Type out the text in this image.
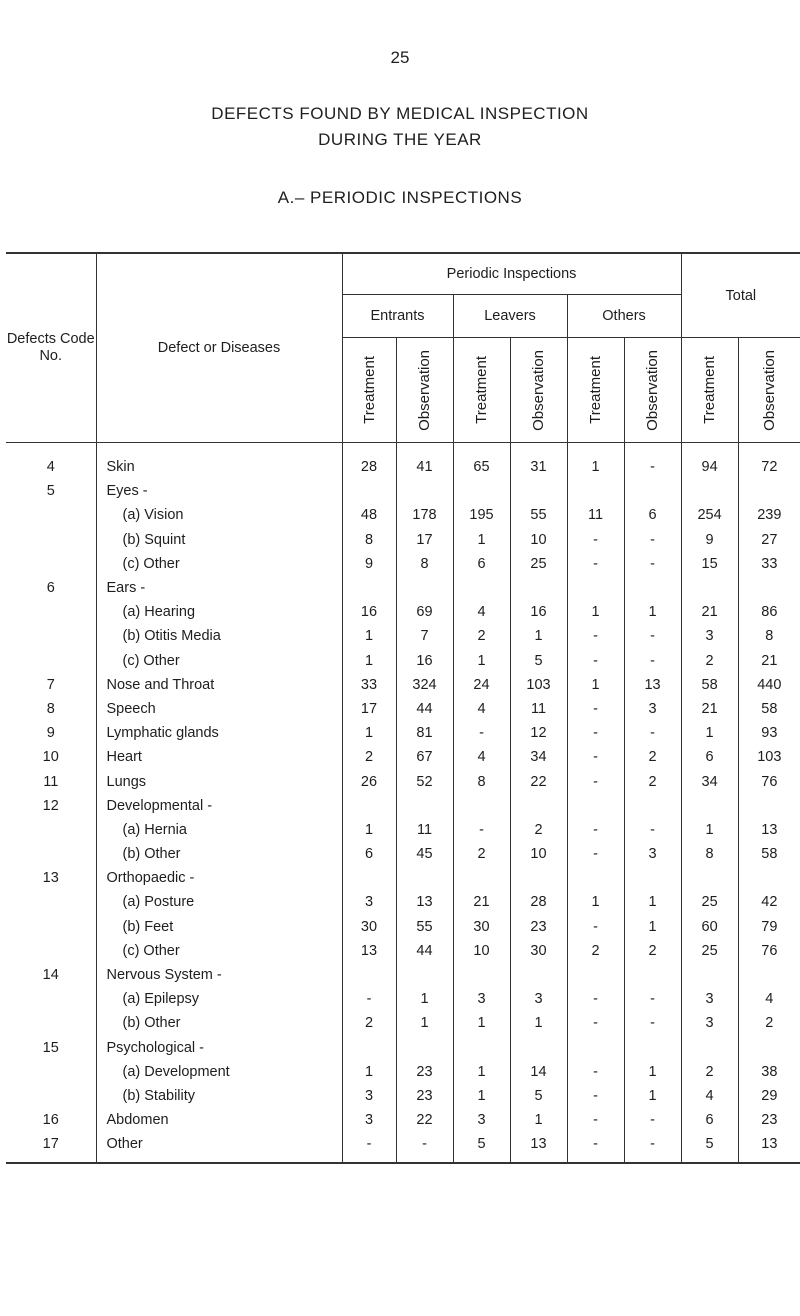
25
DEFECTS FOUND BY MEDICAL INSPECTION
DURING THE YEAR
A.– PERIODIC INSPECTIONS
Defects Code No.	Defect or Diseases	Periodic Inspections						Total	
		Entrants		Leavers		Others			

		Treatment	Observation	Treatment	Observation	Treatment	Observation	Treatment	Observation

4	Skin	28	41	65	31	1	-	94	72
5	Eyes -								
	(a) Vision	48	178	195	55	11	6	254	239
	(b) Squint	8	17	1	10	-	-	9	27
	(c) Other	9	8	6	25	-	-	15	33
6	Ears -								
	(a) Hearing	16	69	4	16	1	1	21	86
	(b) Otitis Media	1	7	2	1	-	-	3	8
	(c) Other	1	16	1	5	-	-	2	21
7	Nose and Throat	33	324	24	103	1	13	58	440
8	Speech	17	44	4	11	-	3	21	58
9	Lymphatic glands	1	81	-	12	-	-	1	93
10	Heart	2	67	4	34	-	2	6	103
11	Lungs	26	52	8	22	-	2	34	76
12	Developmental -								
	(a) Hernia	1	11	-	2	-	-	1	13
	(b) Other	6	45	2	10	-	3	8	58
13	Orthopaedic -								
	(a) Posture	3	13	21	28	1	1	25	42
	(b) Feet	30	55	30	23	-	1	60	79
	(c) Other	13	44	10	30	2	2	25	76
14	Nervous System -								
	(a) Epilepsy	-	1	3	3	-	-	3	4
	(b) Other	2	1	1	1	-	-	3	2
15	Psychological -								
	(a) Development	1	23	1	14	-	1	2	38
	(b) Stability	3	23	1	5	-	1	4	29
16	Abdomen	3	22	3	1	-	-	6	23
17	Other	-	-	5	13	-	-	5	13
